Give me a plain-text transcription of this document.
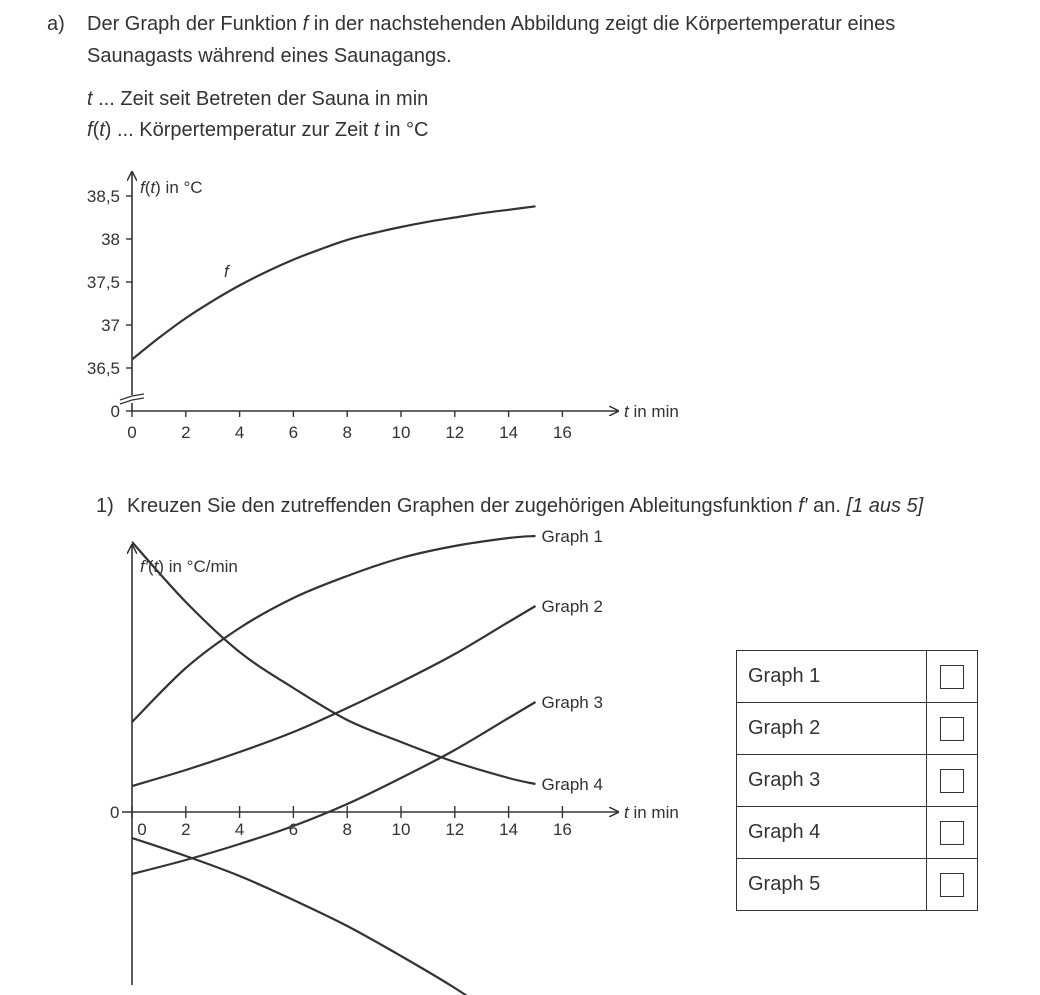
a) Der Graph der Funktion f in der nachstehenden Abbildung zeigt die Körpertemperatur eines
Saunagasts während eines Saunagangs.
t ... Zeit seit Betreten der Sauna in min
f(t) ... Körpertemperatur zur Zeit t in °C
0	2	4	6	8 10 12 14 16
0
36,5
37
37,5
38
38,5 f(t) in °C
t in min
f
1) Kreuzen Sie den zutreffenden Graphen der zugehörigen Ableitungsfunktion f′ an. [1 aus 5]
0 2	4	6	8 10 12 14 16
0
f′(t) in °C/min
t in min
Graph 1
Graph 2
Graph 3
Graph 4
Graph 1	
Graph 2	
Graph 3	
Graph 4	
Graph 5	
